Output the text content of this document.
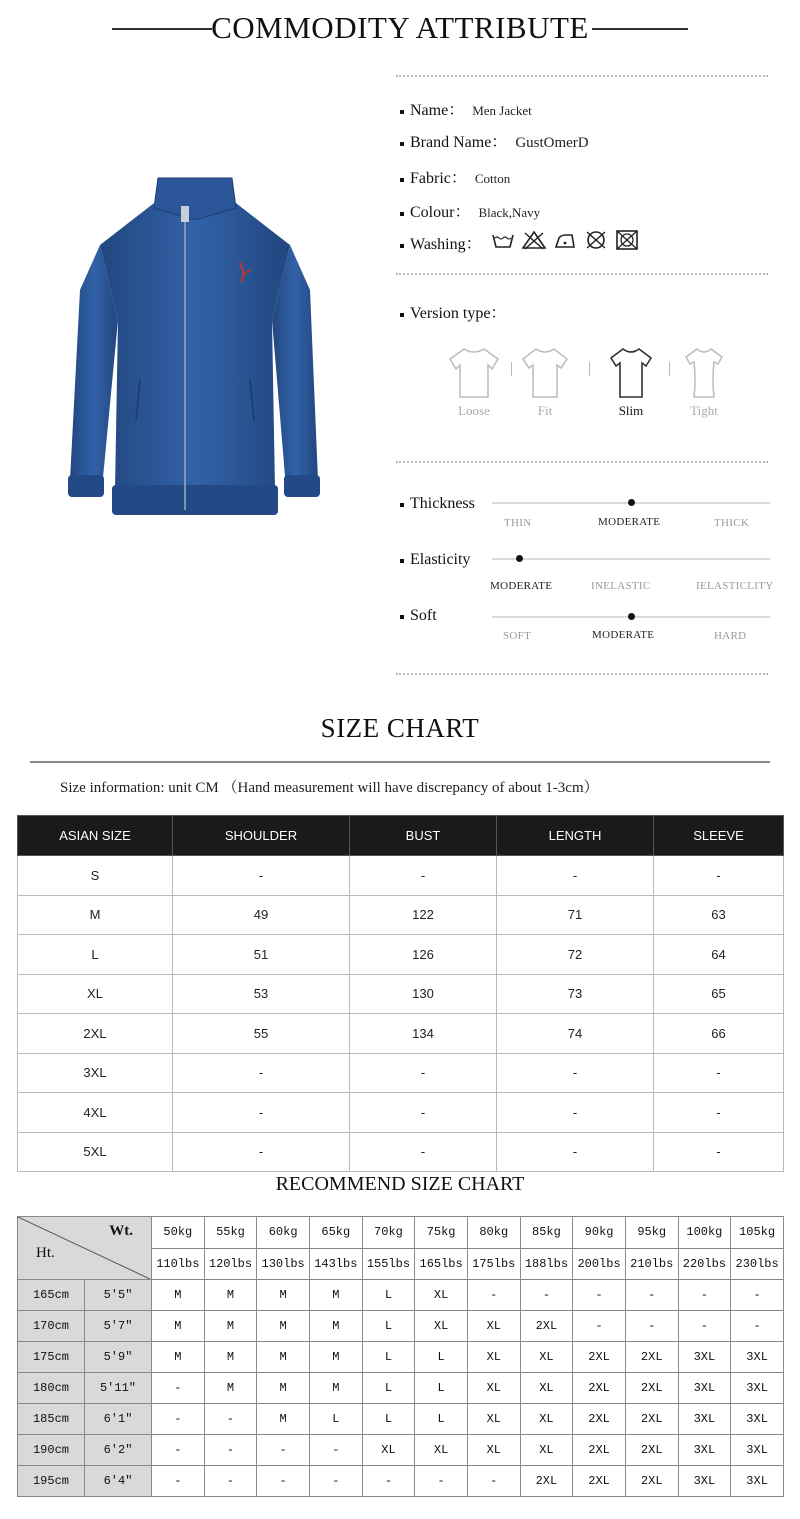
COMMODITY ATTRIBUTE
Name： Men Jacket
Brand Name： GustOmerD
Fabric： Cotton
Colour： Black,Navy
Washing：
Version type：
Loose	Fit	Slim	Tight
Thickness
THIN	MODERATE	THICK
Elasticity
MODERATE	INELASTIC	IELASTICLITY
Soft
SOFT	MODERATE	HARD
SIZE CHART
Size information: unit CM （Hand measurement will have discrepancy of about 1-3cm）
ASIAN SIZE	SHOULDER	BUST	LENGTH	SLEEVE
S	-	-	-	-
M	49	122	71	63
L	51	126	72	64
XL	53	130	73	65
2XL	55	134	74	66
3XL	-	-	-	-
4XL	-	-	-	-
5XL	-	-	-	-
RECOMMEND SIZE CHART
Wt.
Ht.		50kg	55kg	60kg	65kg	70kg	75kg	80kg	85kg	90kg	95kg	100kg	105kg
		110lbs	120lbs	130lbs	143lbs	155lbs	165lbs	175lbs	188lbs	200lbs	210lbs	220lbs	230lbs
165cm	5'5"	M	M	M	M	L	XL	-	-	-	-	-	-
170cm	5'7"	M	M	M	M	L	XL	XL	2XL	-	-	-	-
175cm	5'9"	M	M	M	M	L	L	XL	XL	2XL	2XL	3XL	3XL
180cm	5'11"	-	M	M	M	L	L	XL	XL	2XL	2XL	3XL	3XL
185cm	6'1"	-	-	M	L	L	L	XL	XL	2XL	2XL	3XL	3XL
190cm	6'2"	-	-	-	-	XL	XL	XL	XL	2XL	2XL	3XL	3XL
195cm	6'4"	-	-	-	-	-	-	-	2XL	2XL	2XL	3XL	3XL
